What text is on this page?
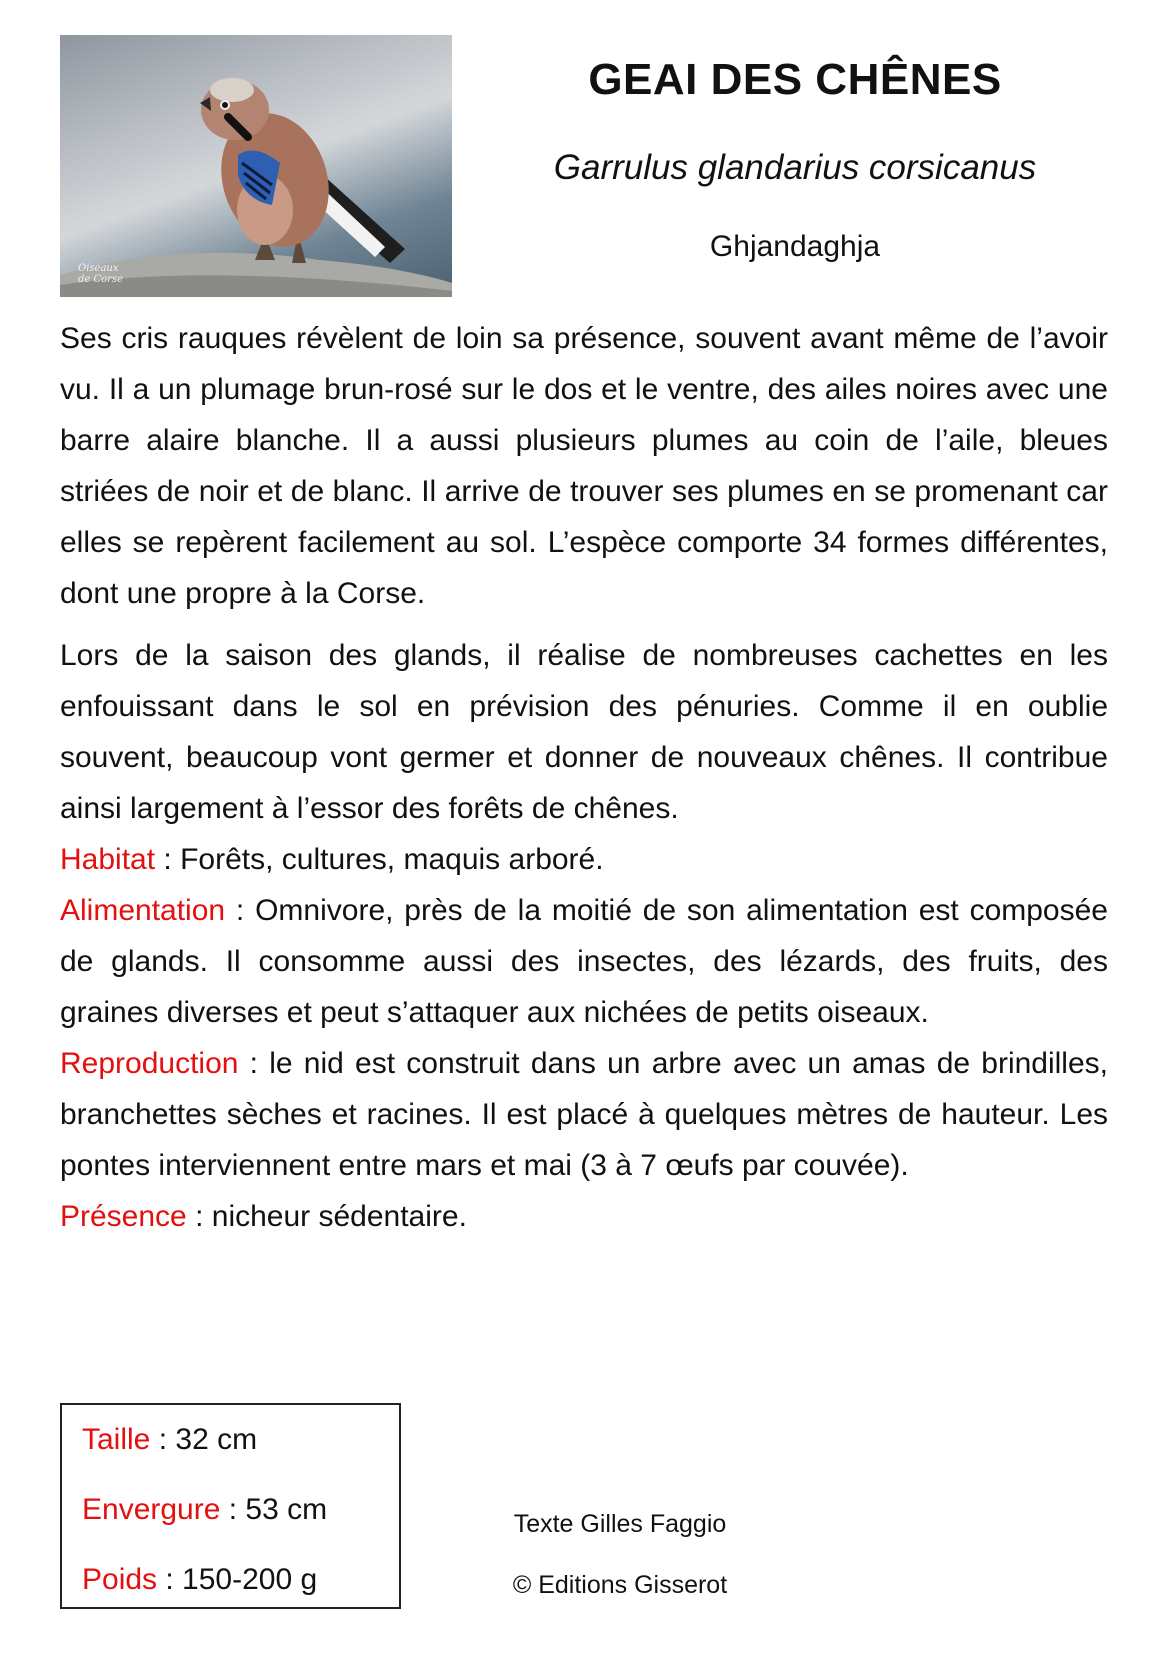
Oiseaux
de Corse
GEAI DES CHÊNES
Garrulus glandarius corsicanus
Ghjandaghja

Ses cris rauques révèlent de loin sa présence, souvent avant même de l’avoir vu. Il a un plumage brun-rosé sur le dos et le ventre, des ailes noires avec une barre alaire blanche. Il a aussi plusieurs plumes au coin de l’aile, bleues striées de noir et de blanc. Il arrive de trouver ses plumes en se promenant car elles se repèrent facilement au sol. L’espèce comporte 34 formes différentes, dont une propre à la Corse.

Lors de la saison des glands, il réalise de nombreuses cachettes en les enfouissant dans le sol en prévision des pénuries. Comme il en oublie souvent, beaucoup vont germer et donner de nouveaux chênes. Il contribue ainsi largement à l’essor des forêts de chênes.

Habitat : Forêts, cultures, maquis arboré.

Alimentation : Omnivore, près de la moitié de son alimentation est composée de glands. Il consomme aussi des insectes, des lézards, des fruits, des graines diverses et peut s’attaquer aux nichées de petits oiseaux.

Reproduction : le nid est construit dans un arbre avec un amas de brindilles, branchettes sèches et racines. Il est placé à quelques mètres de hauteur. Les pontes interviennent entre mars et mai (3 à 7 œufs par couvée).

Présence : nicheur sédentaire.

Taille : 32 cm
Envergure : 53 cm
Poids : 150-200 g
Texte Gilles Faggio
© Editions Gisserot
